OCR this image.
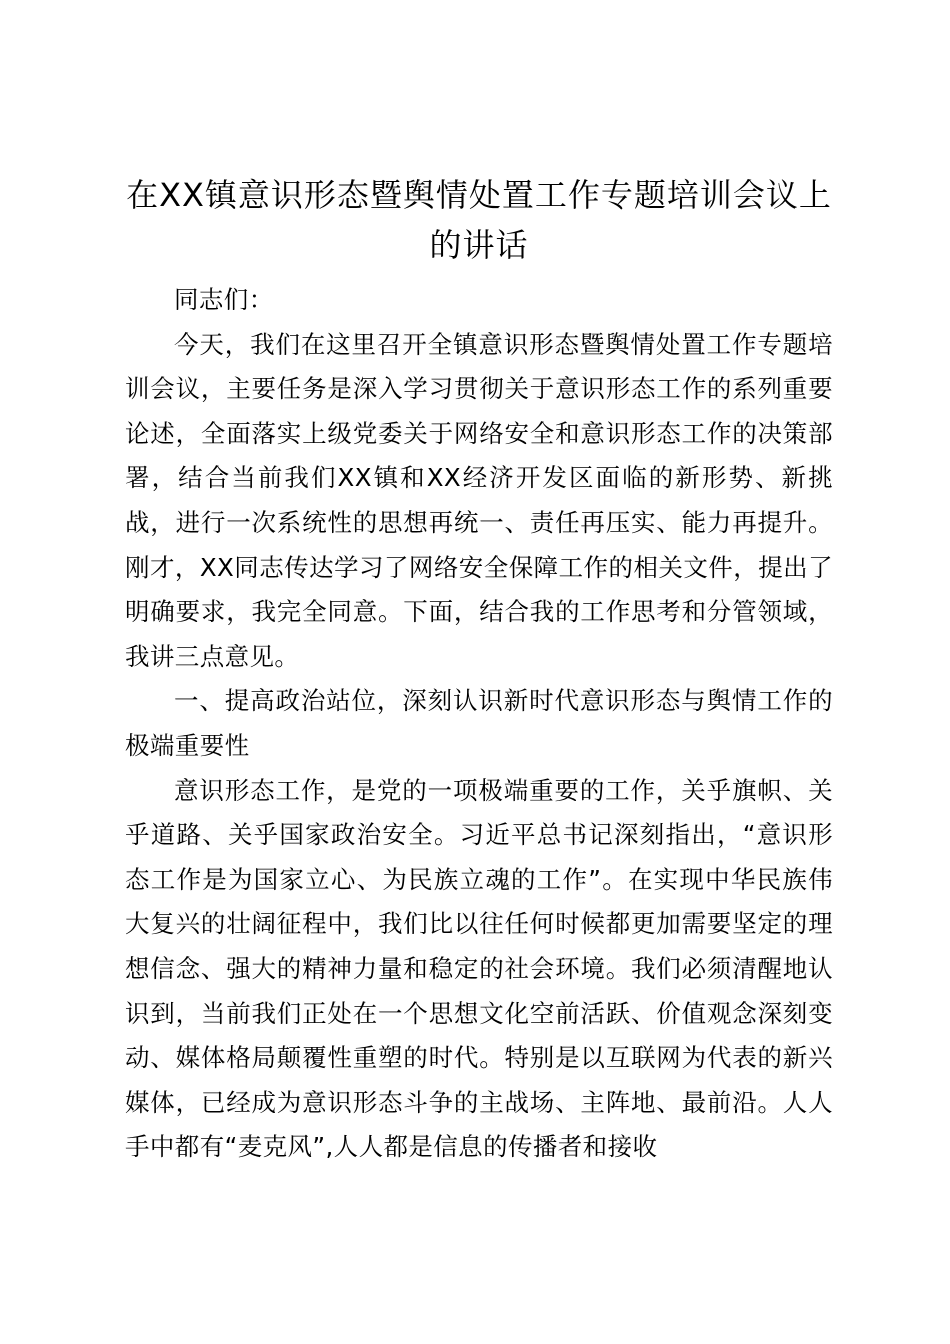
在XX镇意识形态暨舆情处置工作专题培训会议上的讲话

同志们：

今天，我们在这里召开全镇意识形态暨舆情处置工作专题培训会议，主要任务是深入学习贯彻关于意识形态工作的系列重要论述，全面落实上级党委关于网络安全和意识形态工作的决策部署，结合当前我们XX镇和XX经济开发区面临的新形势、新挑战，进行一次系统性的思想再统一、责任再压实、能力再提升。刚才，XX同志传达学习了网络安全保障工作的相关文件，提出了明确要求，我完全同意。下面，结合我的工作思考和分管领域，我讲三点意见。

一、提高政治站位，深刻认识新时代意识形态与舆情工作的极端重要性

意识形态工作，是党的一项极端重要的工作，关乎旗帜、关乎道路、关乎国家政治安全。习近平总书记深刻指出，“意识形态工作是为国家立心、为民族立魂的工作”。在实现中华民族伟大复兴的壮阔征程中，我们比以往任何时候都更加需要坚定的理想信念、强大的精神力量和稳定的社会环境。我们必须清醒地认识到，当前我们正处在一个思想文化空前活跃、价值观念深刻变动、媒体格局颠覆性重塑的时代。特别是以互联网为代表的新兴媒体，已经成为意识形态斗争的主战场、主阵地、最前沿。人人手中都有“麦克风”,人人都是信息的传播者和接收
